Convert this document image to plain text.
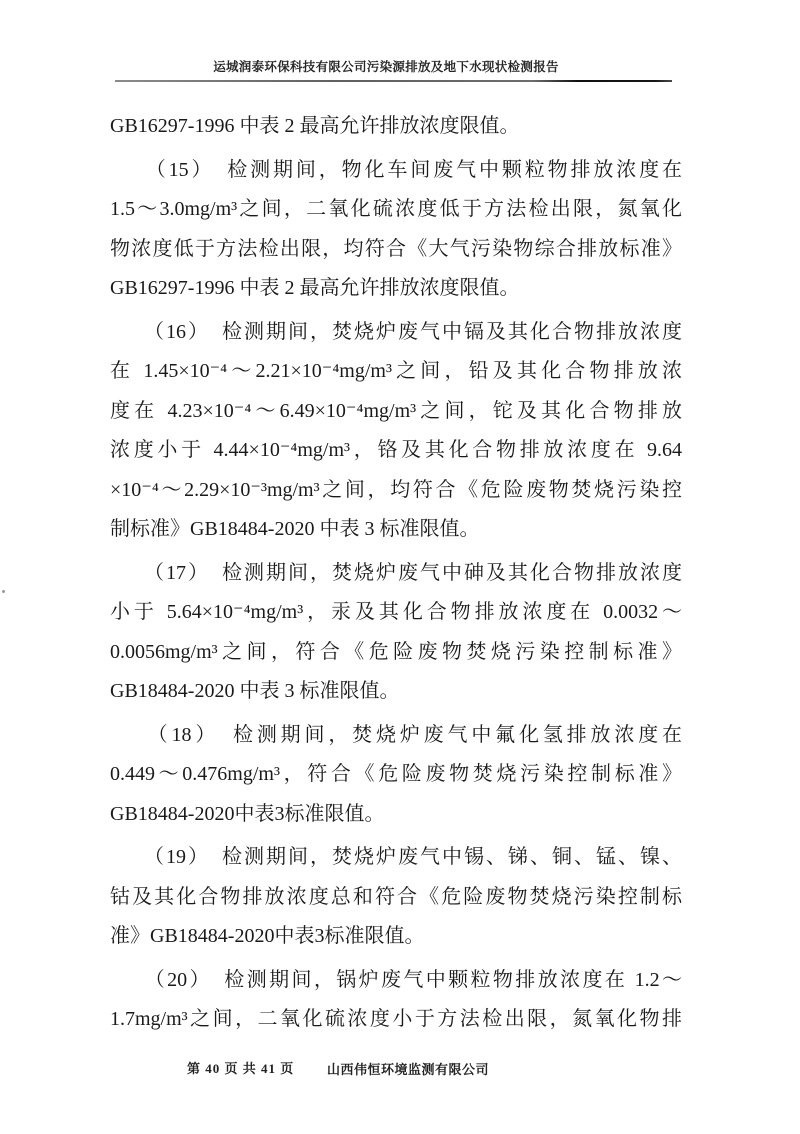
运城润泰环保科技有限公司污染源排放及地下水现状检测报告
GB16297-1996 中表 2 最高允许排放浓度限值。
　　（15）　检测期间，物化车间废气中颗粒物排放浓度在
1.5～3.0mg/m³之间，二氧化硫浓度低于方法检出限，氮氧化
物浓度低于方法检出限，均符合《大气污染物综合排放标准》
GB16297-1996 中表 2 最高允许排放浓度限值。
　　（16）　检测期间，焚烧炉废气中镉及其化合物排放浓度
在 1.45×10⁻⁴～2.21×10⁻⁴mg/m³之间，铅及其化合物排放浓
度在 4.23×10⁻⁴～6.49×10⁻⁴mg/m³之间，铊及其化合物排放
浓度小于 4.44×10⁻⁴mg/m³，铬及其化合物排放浓度在 9.64
×10⁻⁴～2.29×10⁻³mg/m³之间，均符合《危险废物焚烧污染控
制标准》GB18484-2020 中表 3 标准限值。
　　（17）　检测期间，焚烧炉废气中砷及其化合物排放浓度
小于 5.64×10⁻⁴mg/m³，汞及其化合物排放浓度在 0.0032～
0.0056mg/m³之间，符合《危险废物焚烧污染控制标准》
GB18484-2020 中表 3 标准限值。
　　（18）　检测期间，焚烧炉废气中氟化氢排放浓度在
0.449～0.476mg/m³，符合《危险废物焚烧污染控制标准》
GB18484-2020中表3标准限值。
　　（19）　检测期间，焚烧炉废气中锡、锑、铜、锰、镍、
钴及其化合物排放浓度总和符合《危险废物焚烧污染控制标
准》GB18484-2020中表3标准限值。
　　（20）　检测期间，锅炉废气中颗粒物排放浓度在 1.2～
1.7mg/m³之间，二氧化硫浓度小于方法检出限，氮氧化物排
第 40 页 共 41 页	山西伟恒环境监测有限公司
